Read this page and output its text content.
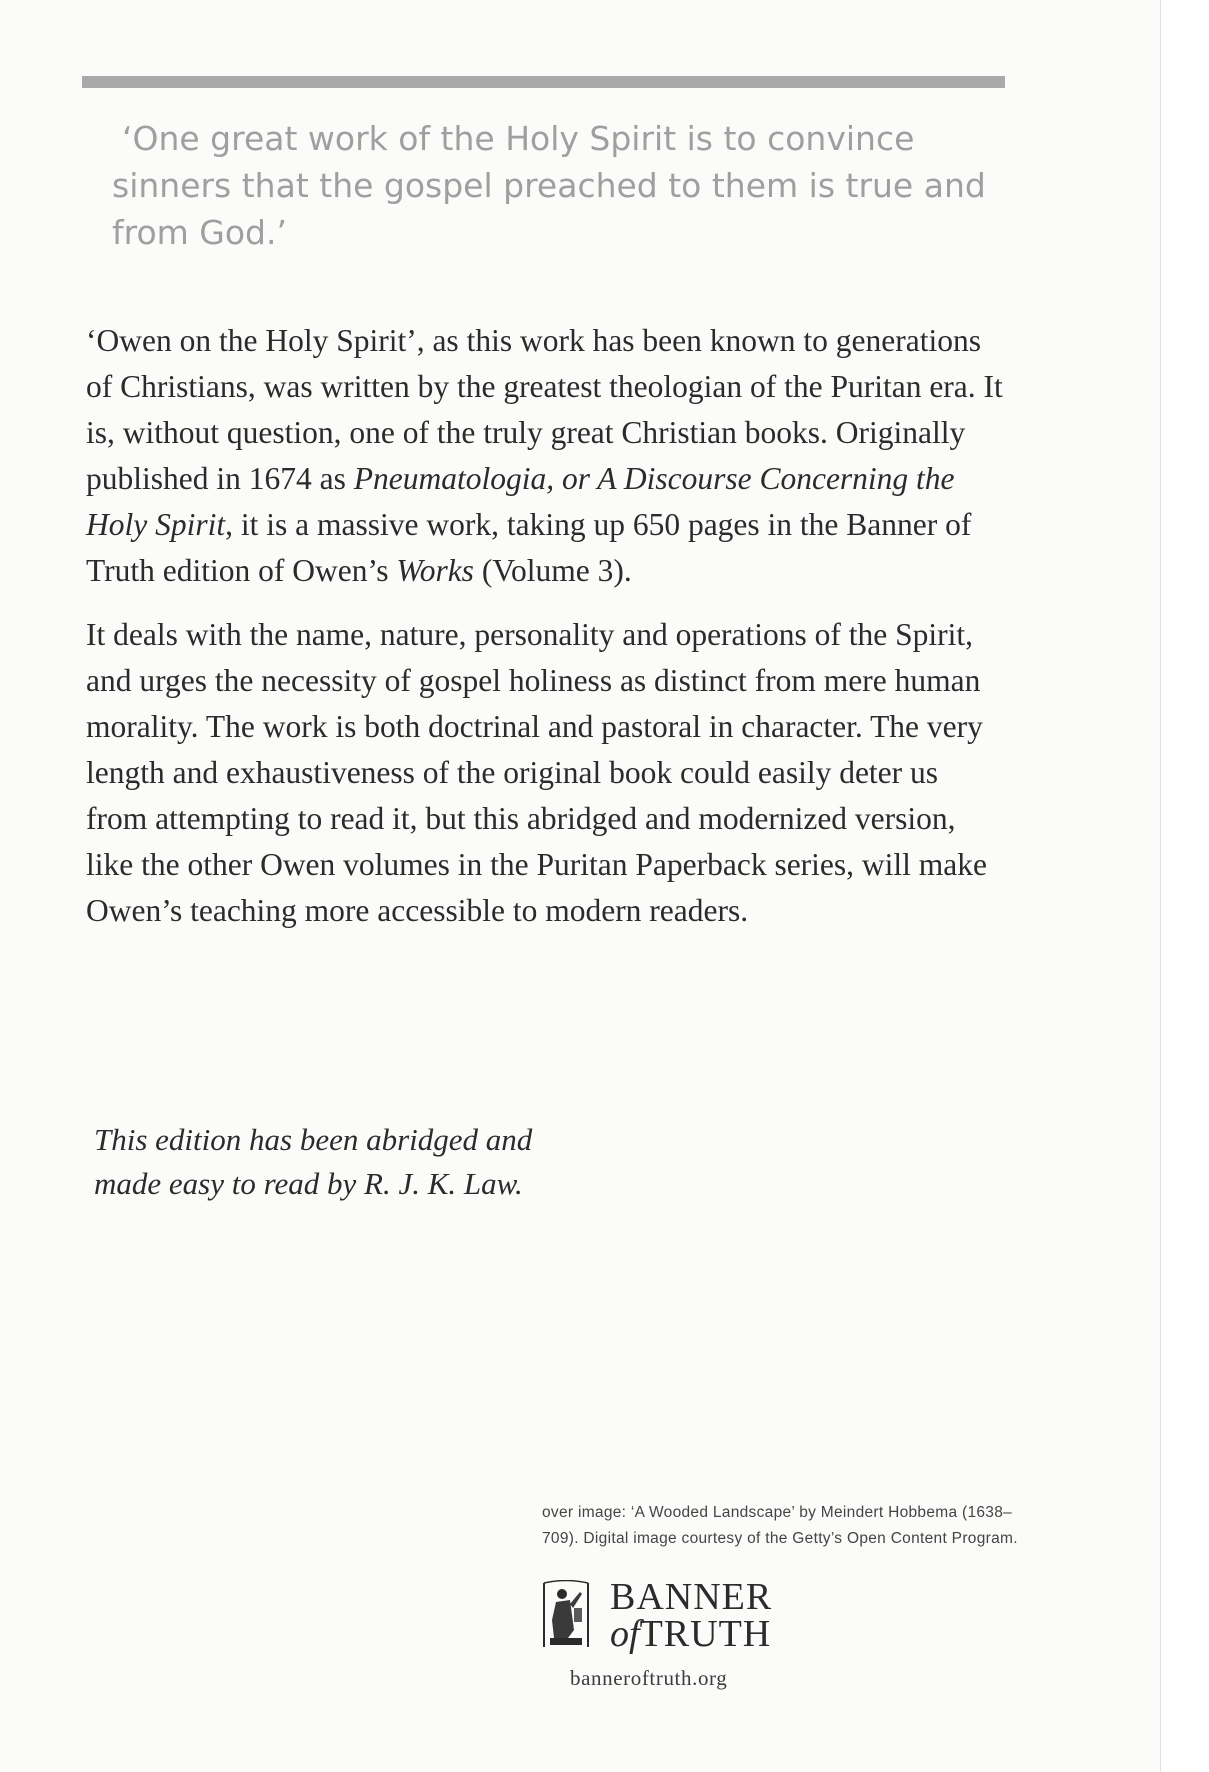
‘One great work of the Holy Spirit is to convince sinners that the gospel preached to them is true and from God.’

‘Owen on the Holy Spirit’, as this work has been known to generations of Christians, was written by the greatest theologian of the Puritan era. It is, without question, one of the truly great Christian books. Originally published in 1674 as Pneumatologia, or A Discourse Concerning the Holy Spirit, it is a massive work, taking up 650 pages in the Banner of Truth edition of Owen’s Works (Volume 3).

It deals with the name, nature, personality and operations of the Spirit, and urges the necessity of gospel holiness as distinct from mere human morality. The work is both doctrinal and pastoral in character. The very length and exhaustiveness of the original book could easily deter us from attempting to read it, but this abridged and modernized version, like the other Owen volumes in the Puritan Paperback series, will make Owen’s teaching more accessible to modern readers.

This edition has been abridged and
made easy to read by R. J. K. Law.

over image: ‘A Wooded Landscape’ by Meindert Hobbema (1638–
709). Digital image courtesy of the Getty’s Open Content Program.

BANNER
ofTRUTH

banneroftruth.org
